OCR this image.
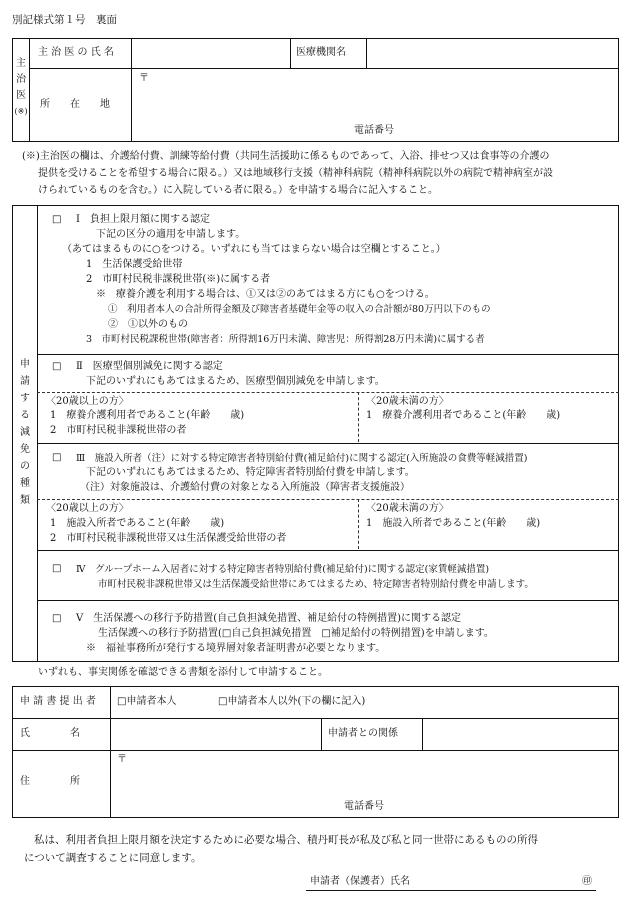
別記様式第１号　裏面
主
治
医
(※)
主 治 医 の 氏 名	医療機関名
〒
所　　在　　地
電話番号
(※)主治医の欄は、介護給付費、訓練等給付費（共同生活援助に係るものであって、入浴、排せつ又は食事等の介護の
提供を受けることを希望する場合に限る。）又は地域移行支援（精神科病院（精神科病院以外の病院で精神病室が設
けられているものを含む。）に入院している者に限る。）を申請する場合に記入すること。
申
請
す
る
減
免
の
種
類
□ Ⅰ　負担上限月額に関する認定
下記の区分の適用を申請します。
（あてはまるものに○をつける。いずれにも当てはまらない場合は空欄とすること。）
1　生活保護受給世帯
2　市町村民税非課税世帯(※)に属する者
※　療養介護を利用する場合は、①又は②のあてはまる方にも○をつける。
①　利用者本人の合計所得金額及び障害者基礎年金等の収入の合計額が80万円以下のもの
②　①以外のもの
3　市町村民税課税世帯(障害者：所得割16万円未満、障害児：所得割28万円未満)に属する者
□ Ⅱ　医療型個別減免に関する認定
下記のいずれにもあてはまるため、医療型個別減免を申請します。
〈20歳以上の方〉
1　療養介護利用者であること(年齢　　歳)
2　市町村民税非課税世帯の者
〈20歳未満の方〉
1　療養介護利用者であること(年齢　　歳)
□ Ⅲ　施設入所者（注）に対する特定障害者特別給付費(補足給付)に関する認定(入所施設の食費等軽減措置)
下記のいずれにもあてはまるため、特定障害者特別給付費を申請します。
（注）対象施設は、介護給付費の対象となる入所施設（障害者支援施設）
〈20歳以上の方〉
1　施設入所者であること(年齢　　歳)
2　市町村民税非課税世帯又は生活保護受給世帯の者
〈20歳未満の方〉
1　施設入所者であること(年齢　　歳)
□ Ⅳ　グループホーム入居者に対する特定障害者特別給付費(補足給付)に関する認定(家賃軽減措置)
市町村民税非課税世帯又は生活保護受給世帯にあてはまるため、特定障害者特別給付費を申請します。
□ Ⅴ　生活保護への移行予防措置(自己負担減免措置、補足給付の特例措置)に関する認定
生活保護への移行予防措置(□自己負担減免措置　□補足給付の特例措置)を申請します。
※　福祉事務所が発行する境界層対象者証明書が必要となります。
いずれも、事実関係を確認できる書類を添付して申請すること。
申 請 書 提 出 者 □申請者本人	□申請者本人以外(下の欄に記入)
氏　　　　名	申請者との関係
〒
住　　　　所
電話番号
私は、利用者負担上限月額を決定するために必要な場合、積丹町長が私及び私と同一世帯にあるものの所得
について調査することに同意します。
申請者（保護者）氏名	㊞
